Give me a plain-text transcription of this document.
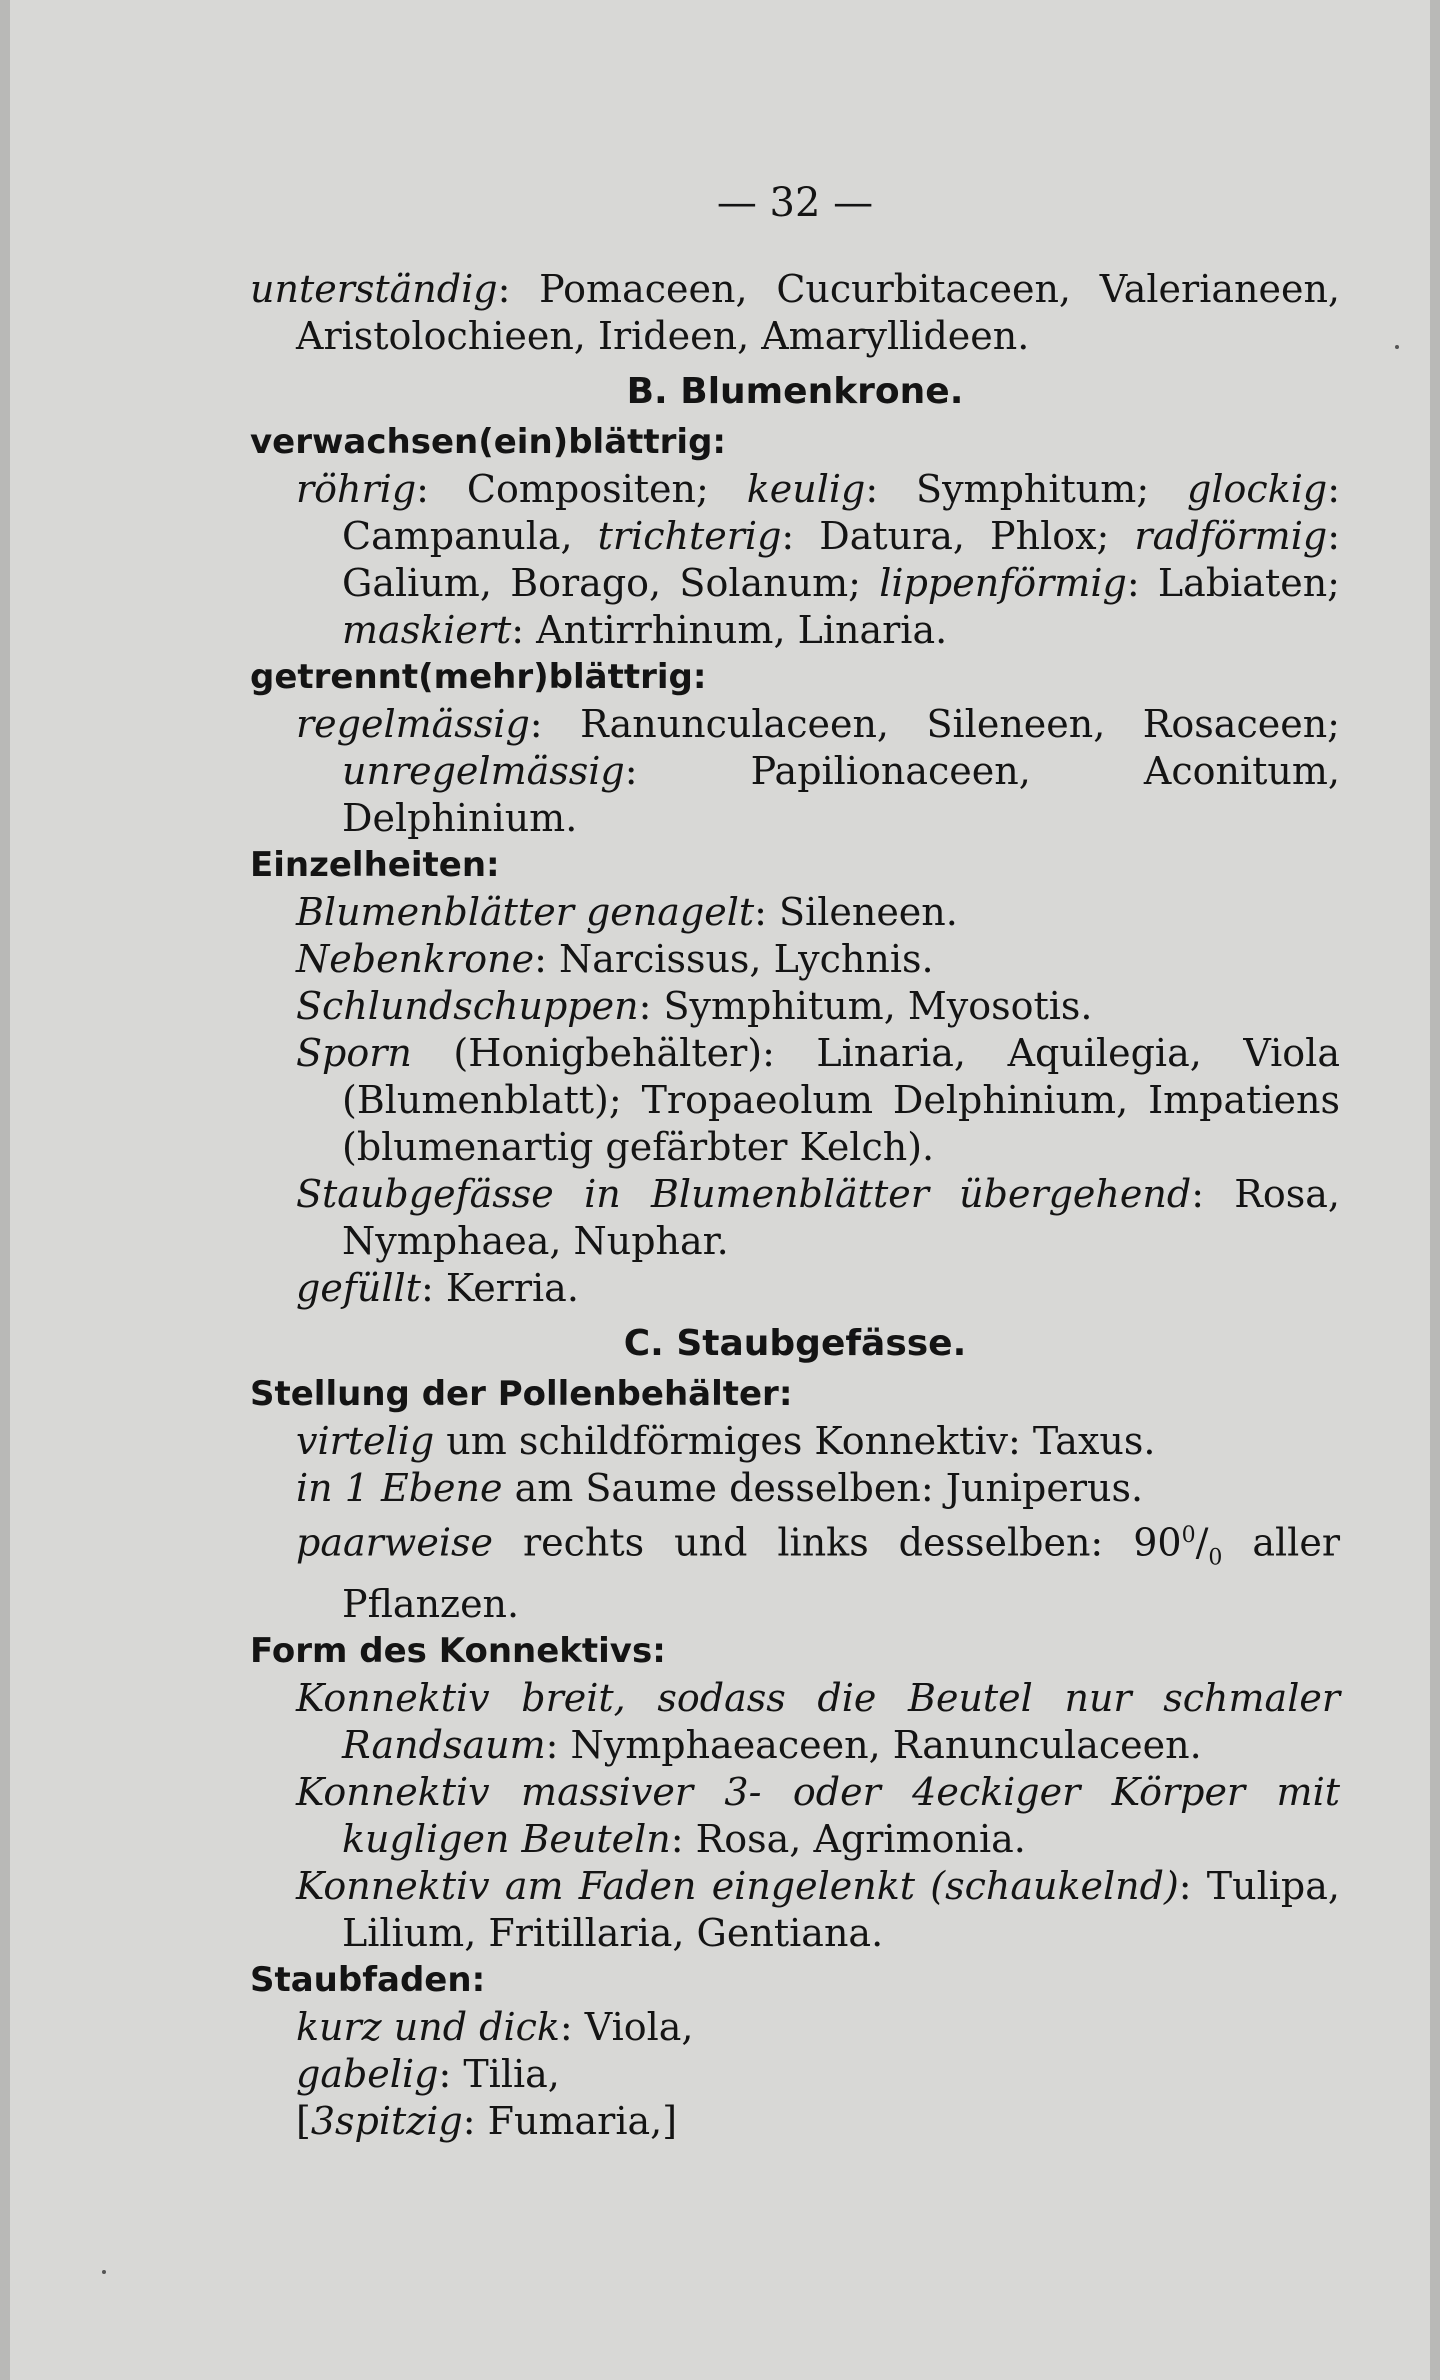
— 32 —

unterständig: Pomaceen, Cucurbitaceen, Valerianeen, Aristolochieen, Irideen, Amaryllideen.

B. Blumenkrone.
verwachsen(ein)blättrig:

röhrig: Compositen; keulig: Symphitum; glockig: Campanula, trichterig: Datura, Phlox; radförmig: Galium, Borago, Solanum; lippenförmig: Labiaten; maskiert: Antirrhinum, Linaria.

getrennt(mehr)blättrig:

regelmässig: Ranunculaceen, Sileneen, Rosaceen; unregelmässig: Papilionaceen, Aconitum, Delphinium.

Einzelheiten:

Blumenblätter genagelt: Sileneen.

Nebenkrone: Narcissus, Lychnis.

Schlundschuppen: Symphitum, Myosotis.

Sporn (Honigbehälter): Linaria, Aquilegia, Viola (Blumenblatt); Tropaeolum Delphinium, Impatiens (blumenartig gefärbter Kelch).

Staubgefässe in Blumenblätter übergehend: Rosa, Nymphaea, Nuphar.

gefüllt: Kerria.

C. Staubgefässe.
Stellung der Pollenbehälter:

virtelig um schildförmiges Konnektiv: Taxus.

in 1 Ebene am Saume desselben: Juniperus.

paarweise rechts und links desselben: $90^0/_0$ aller Pflanzen.

Form des Konnektivs:

Konnektiv breit, sodass die Beutel nur schmaler Randsaum: Nymphaeaceen, Ranunculaceen.

Konnektiv massiver 3- oder 4eckiger Körper mit kugligen Beuteln: Rosa, Agrimonia.

Konnektiv am Faden eingelenkt (schaukelnd): Tulipa, Lilium, Fritillaria, Gentiana.

Staubfaden:

kurz und dick: Viola,

gabelig: Tilia,

[3spitzig: Fumaria,]
